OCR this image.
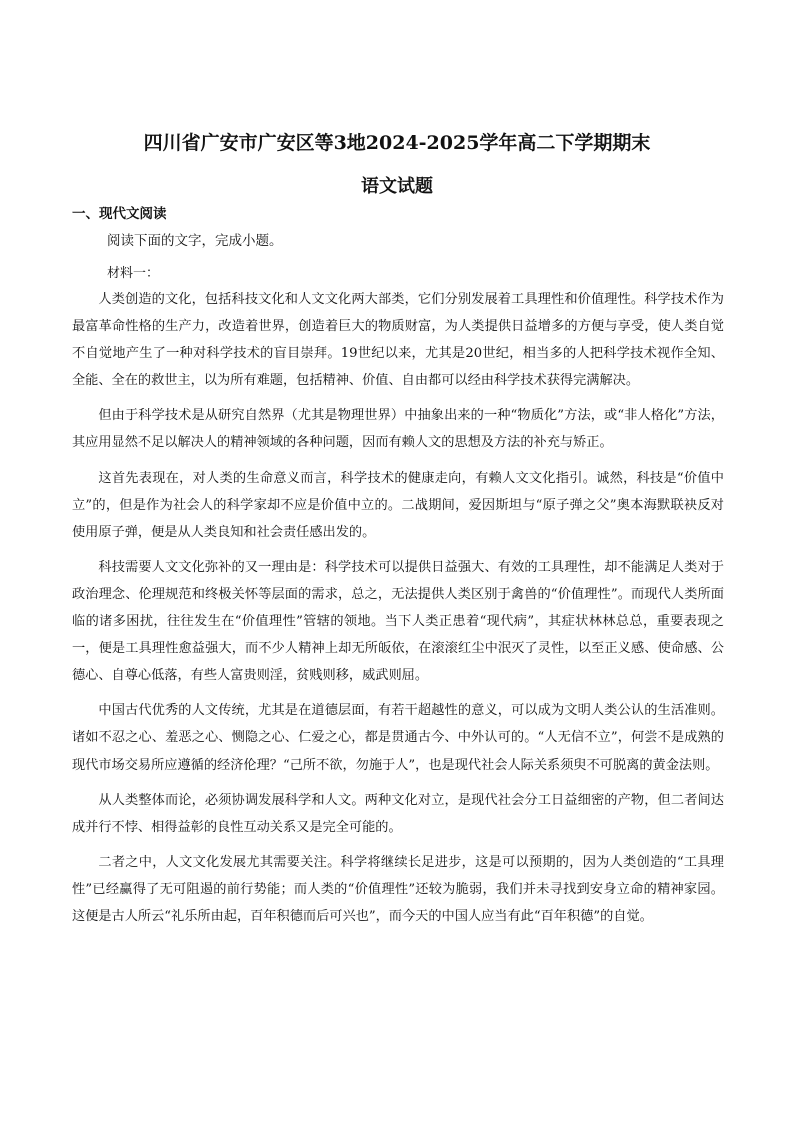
四川省广安市广安区等3地2024-2025学年高二下学期期末
语文试题
一、现代文阅读
阅读下面的文字，完成小题。
材料一：

人类创造的文化，包括科技文化和人文文化两大部类，它们分别发展着工具理性和价值理性。科学技术作为最富革命性格的生产力，改造着世界，创造着巨大的物质财富，为人类提供日益增多的方便与享受，使人类自觉不自觉地产生了一种对科学技术的盲目崇拜。19世纪以来，尤其是20世纪，相当多的人把科学技术视作全知、全能、全在的救世主，以为所有难题，包括精神、价值、自由都可以经由科学技术获得完满解决。

但由于科学技术是从研究自然界（尤其是物理世界）中抽象出来的一种“物质化”方法，或“非人格化”方法，其应用显然不足以解决人的精神领域的各种问题，因而有赖人文的思想及方法的补充与矫正。

这首先表现在，对人类的生命意义而言，科学技术的健康走向，有赖人文文化指引。诚然，科技是“价值中立”的，但是作为社会人的科学家却不应是价值中立的。二战期间，爱因斯坦与“原子弹之父”奥本海默联袂反对使用原子弹，便是从人类良知和社会责任感出发的。

科技需要人文文化弥补的又一理由是：科学技术可以提供日益强大、有效的工具理性，却不能满足人类对于政治理念、伦理规范和终极关怀等层面的需求，总之，无法提供人类区别于禽兽的“价值理性”。而现代人类所面临的诸多困扰，往往发生在“价值理性”管辖的领地。当下人类正患着“现代病”，其症状林林总总，重要表现之一，便是工具理性愈益强大，而不少人精神上却无所皈依，在滚滚红尘中泯灭了灵性，以至正义感、使命感、公德心、自尊心低落，有些人富贵则淫，贫贱则移，威武则屈。

中国古代优秀的人文传统，尤其是在道德层面，有若干超越性的意义，可以成为文明人类公认的生活准则。诸如不忍之心、羞恶之心、恻隐之心、仁爱之心，都是贯通古今、中外认可的。“人无信不立”，何尝不是成熟的现代市场交易所应遵循的经济伦理？“己所不欲，勿施于人”，也是现代社会人际关系须臾不可脱离的黄金法则。

从人类整体而论，必须协调发展科学和人文。两种文化对立，是现代社会分工日益细密的产物，但二者间达成并行不悖、相得益彰的良性互动关系又是完全可能的。

二者之中，人文文化发展尤其需要关注。科学将继续长足进步，这是可以预期的，因为人类创造的“工具理性”已经赢得了无可阻遏的前行势能；而人类的“价值理性”还较为脆弱，我们并未寻找到安身立命的精神家园。这便是古人所云“礼乐所由起，百年积德而后可兴也”，而今天的中国人应当有此“百年积德”的自觉。
